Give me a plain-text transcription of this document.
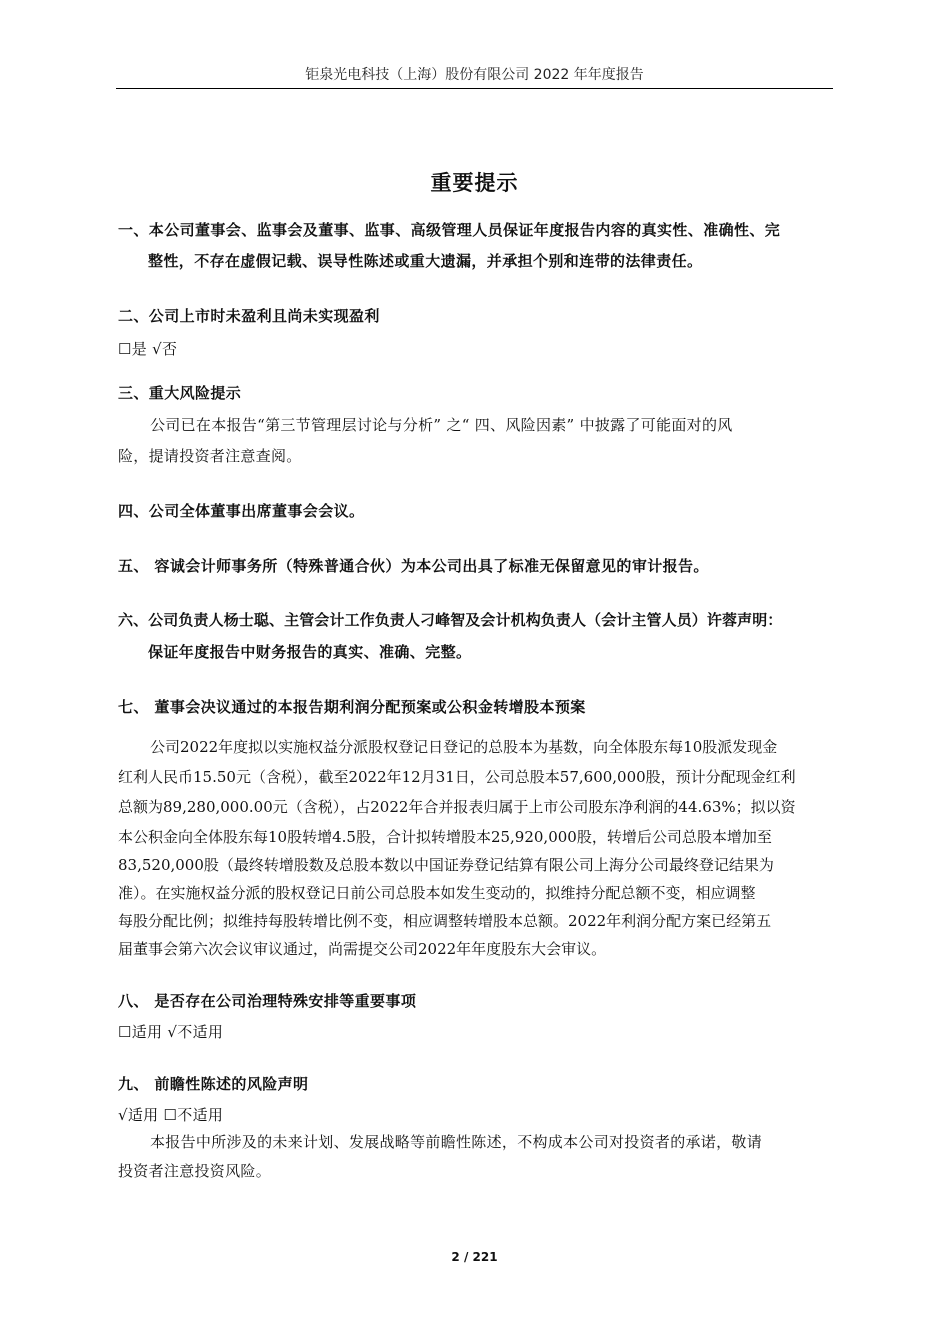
钜泉光电科技（上海）股份有限公司 2022 年年度报告
重要提示
一、本公司董事会、监事会及董事、监事、高级管理人员保证年度报告内容的真实性、准确性、完
整性，不存在虚假记载、误导性陈述或重大遗漏，并承担个别和连带的法律责任。
二、公司上市时未盈利且尚未实现盈利
☐是 √否
三、重大风险提示
公司已在本报告“第三节管理层讨论与分析” 之“ 四、风险因素” 中披露了可能面对的风
险，提请投资者注意查阅。
四、公司全体董事出席董事会会议。
五、 容诚会计师事务所（特殊普通合伙）为本公司出具了标准无保留意见的审计报告。
六、公司负责人杨士聪、主管会计工作负责人刁峰智及会计机构负责人（会计主管人员）许蓉声明：
保证年度报告中财务报告的真实、准确、完整。
七、 董事会决议通过的本报告期利润分配预案或公积金转增股本预案
公司2022年度拟以实施权益分派股权登记日登记的总股本为基数，向全体股东每10股派发现金
红利人民币15.50元（含税），截至2022年12月31日，公司总股本57,600,000股，预计分配现金红利
总额为89,280,000.00元（含税），占2022年合并报表归属于上市公司股东净利润的44.63%；拟以资
本公积金向全体股东每10股转增4.5股，合计拟转增股本25,920,000股，转增后公司总股本增加至
83,520,000股（最终转增股数及总股本数以中国证券登记结算有限公司上海分公司最终登记结果为
准）。在实施权益分派的股权登记日前公司总股本如发生变动的，拟维持分配总额不变，相应调整
每股分配比例；拟维持每股转增比例不变，相应调整转增股本总额。2022年利润分配方案已经第五
届董事会第六次会议审议通过，尚需提交公司2022年年度股东大会审议。
八、 是否存在公司治理特殊安排等重要事项
☐适用 √不适用
九、 前瞻性陈述的风险声明
√适用 ☐不适用
本报告中所涉及的未来计划、发展战略等前瞻性陈述，不构成本公司对投资者的承诺，敬请
投资者注意投资风险。
2 / 221
